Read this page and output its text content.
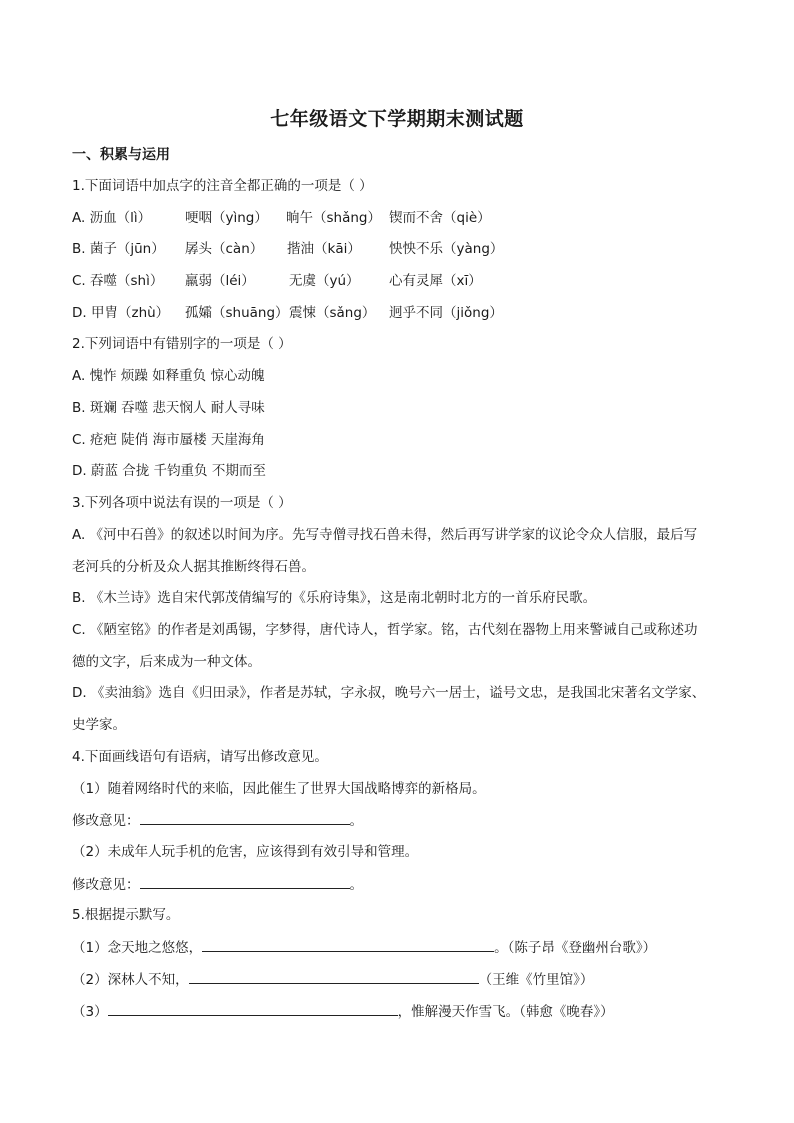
七年级语文下学期期末测试题
一、积累与运用
1.下面词语中加点字的注音全都正确的一项是（ ）
A. 沥血（lì）	哽咽（yìng） 晌午（shǎng） 锲而不舍（qiè）
B. 菌子（jūn） 孱头（càn） 揩油（kāi） 怏怏不乐（yàng）
C. 吞噬（shì） 羸弱（léi）	无虞（yú） 心有灵犀（xī）
D. 甲胄（zhù） 孤孀（shuāng）震悚（sǎng） 迥乎不同（jiǒng）
2.下列词语中有错别字的一项是（ ）
A. 愧怍 烦躁 如释重负 惊心动魄
B. 斑斓 吞噬 悲天悯人 耐人寻味
C. 疮疤 陡俏 海市蜃楼 天崖海角
D. 蔚蓝 合拢 千钧重负 不期而至
3.下列各项中说法有误的一项是（ ）
A. 《河中石兽》的叙述以时间为序。先写寺僧寻找石兽未得，然后再写讲学家的议论令众人信服，最后写
老河兵的分析及众人据其推断终得石兽。
B. 《木兰诗》选自宋代郭茂倩编写的《乐府诗集》，这是南北朝时北方的一首乐府民歌。
C. 《陋室铭》的作者是刘禹锡，字梦得，唐代诗人，哲学家。铭，古代刻在器物上用来警诫自己或称述功
德的文字，后来成为一种文体。
D. 《卖油翁》选自《归田录》，作者是苏轼，字永叔，晚号六一居士，谥号文忠，是我国北宋著名文学家、
史学家。
4.下面画线语句有语病，请写出修改意见。
（1）随着网络时代的来临，因此催生了世界大国战略博弈的新格局。
修改意见：	。
（2）未成年人玩手机的危害，应该得到有效引导和管理。
修改意见：	。
5.根据提示默写。
（1）念天地之悠悠，	。（陈子昂《登幽州台歌》）
（2）深林人不知，	（王维《竹里馆》）
（3）	，惟解漫天作雪飞。（韩愈《晚春》）
